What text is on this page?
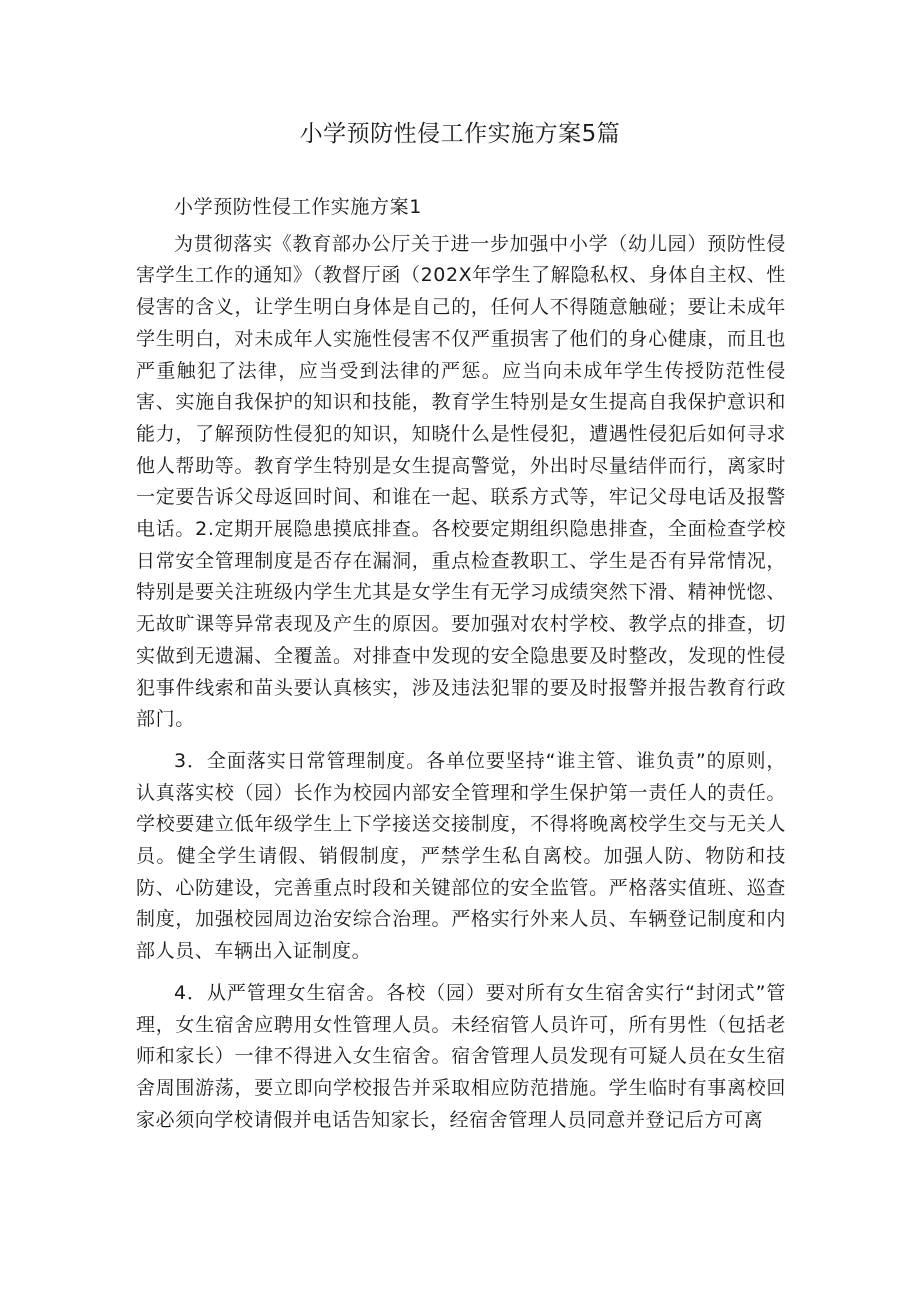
小学预防性侵工作实施方案5篇

小学预防性侵工作实施方案1

为贯彻落实《教育部办公厅关于进一步加强中小学（幼儿园）预防性侵害学生工作的通知》（教督厅函（202X年学生了解隐私权、身体自主权、性侵害的含义，让学生明白身体是自己的，任何人不得随意触碰；要让未成年学生明白，对未成年人实施性侵害不仅严重损害了他们的身心健康，而且也严重触犯了法律，应当受到法律的严惩。应当向未成年学生传授防范性侵害、实施自我保护的知识和技能，教育学生特别是女生提高自我保护意识和能力，了解预防性侵犯的知识，知晓什么是性侵犯，遭遇性侵犯后如何寻求他人帮助等。教育学生特别是女生提高警觉，外出时尽量结伴而行，离家时一定要告诉父母返回时间、和谁在一起、联系方式等，牢记父母电话及报警电话。2.定期开展隐患摸底排查。各校要定期组织隐患排查，全面检查学校日常安全管理制度是否存在漏洞，重点检查教职工、学生是否有异常情况，特别是要关注班级内学生尤其是女学生有无学习成绩突然下滑、精神恍惚、无故旷课等异常表现及产生的原因。要加强对农村学校、教学点的排查，切实做到无遗漏、全覆盖。对排查中发现的安全隐患要及时整改，发现的性侵犯事件线索和苗头要认真核实，涉及违法犯罪的要及时报警并报告教育行政部门。

3．全面落实日常管理制度。各单位要坚持“谁主管、谁负责”的原则，认真落实校（园）长作为校园内部安全管理和学生保护第一责任人的责任。学校要建立低年级学生上下学接送交接制度，不得将晚离校学生交与无关人员。健全学生请假、销假制度，严禁学生私自离校。加强人防、物防和技防、心防建设，完善重点时段和关键部位的安全监管。严格落实值班、巡查制度，加强校园周边治安综合治理。严格实行外来人员、车辆登记制度和内部人员、车辆出入证制度。

4．从严管理女生宿舍。各校（园）要对所有女生宿舍实行“封闭式”管理，女生宿舍应聘用女性管理人员。未经宿管人员许可，所有男性（包括老师和家长）一律不得进入女生宿舍。宿舍管理人员发现有可疑人员在女生宿舍周围游荡，要立即向学校报告并采取相应防范措施。学生临时有事离校回家必须向学校请假并电话告知家长，经宿舍管理人员同意并登记后方可离
